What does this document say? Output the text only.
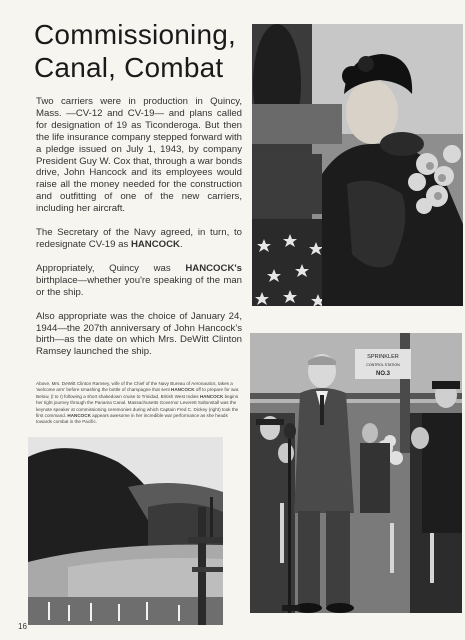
Commissioning,
Canal, Combat

Two carriers were in production in Quincy, Mass. —CV-12 and CV-19— and plans called for designation of 19 as Ticonderoga. But then the life insurance company stepped forward with a pledge issued on July 1, 1943, by company President Guy W. Cox that, through a war bonds drive, John Hancock and its employees would raise all the money needed for the construction and outfitting of one of the new carriers, including her aircraft.

The Secretary of the Navy agreed, in turn, to redesignate CV-19 as HANCOCK.

Appropriately, Quincy was HANCOCK's birthplace—whether you're speaking of the man or the ship.

Also appropriate was the choice of January 24, 1944—the 207th anniversary of John Hancock's birth—as the date on which Mrs. DeWitt Clinton Ramsey launched the ship.

Above, Mrs. DeWitt Clinton Ramsey, wife of the Chief of the Navy Bureau of Aeronautics, takes a 'welcome arm' before smashing the bottle of champagne that sent HANCOCK off to prepare for war. Below, (l to r) following a short shakedown cruise to Trinidad, British West Indies HANCOCK begins her tight journey through the Panama Canal. Massachusetts Governor Leverett Saltonstall was the keynote speaker at commissioning ceremonies during which Captain Fred C. Dickey (right) took the first command. HANCOCK appears awesome in her incredible war performance as she heads towards combat in the Pacific.
16
SPRINKLER
CONTROL STATION
NO.3
